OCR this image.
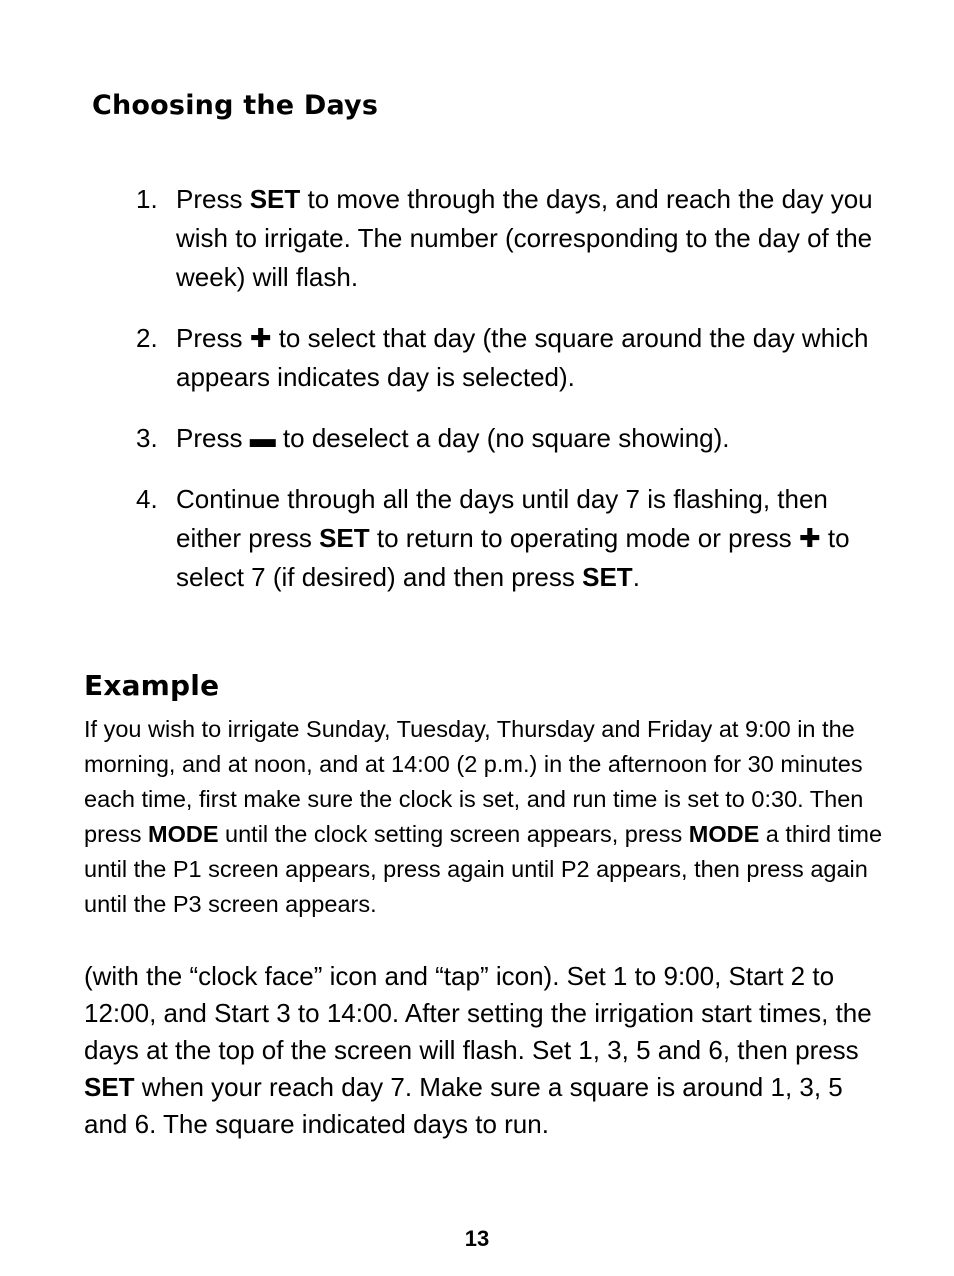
Choosing the Days
1. Press SET to move through the days, and reach the day you wish to irrigate. The number (corresponding to the day of the week) will flash.
2. Press ✚ to select that day (the square around the day which appears indicates day is selected).
3. Press ▬ to deselect a day (no square showing).
4. Continue through all the days until day 7 is flashing, then either press SET to return to operating mode or press ✚ to select 7 (if desired) and then press SET.
Example

If you wish to irrigate Sunday, Tuesday, Thursday and Friday at 9:00 in the morning, and at noon, and at 14:00 (2 p.m.) in the afternoon for 30 minutes each time, first make sure the clock is set, and run time is set to 0:30. Then press MODE until the clock setting screen appears, press MODE a third time until the P1 screen appears, press again until P2 appears, then press again until the P3 screen appears.

(with the “clock face” icon and “tap” icon). Set 1 to 9:00, Start 2 to 12:00, and Start 3 to 14:00. After setting the irrigation start times, the days at the top of the screen will flash. Set 1, 3, 5 and 6, then press SET when your reach day 7. Make sure a square is around 1, 3, 5 and 6. The square indicated days to run.

13
